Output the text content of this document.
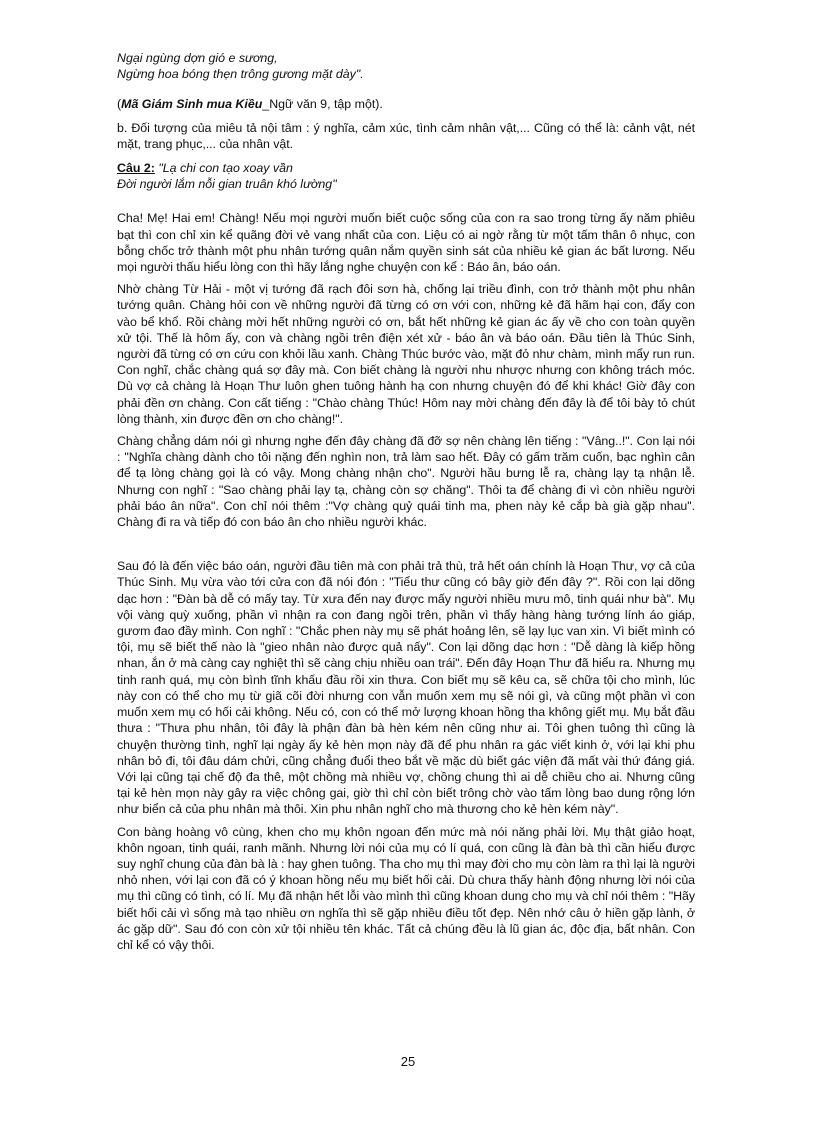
Ngại ngùng dợn gió e sương,

Ngừng hoa bóng thẹn trông gương mặt dày".

(Mã Giám Sinh mua Kiều_Ngữ văn 9, tập một).

b. Đối tượng của miêu tả nội tâm : ý nghĩa, cảm xúc, tình cảm nhân vật,... Cũng có thể là: cảnh vật, nét mặt, trang phục,... của nhân vật.

Câu 2: "Lạ chi con tạo xoay vần
Đời người lắm nỗi gian truân khó lường"

Cha! Mẹ! Hai em! Chàng! Nếu mọi người muốn biết cuộc sống của con ra sao trong từng ấy năm phiêu bạt thì con chỉ xin kể quãng đời vẻ vang nhất của con. Liệu có ai ngờ rằng từ một tấm thân ô nhục, con bỗng chốc trở thành một phu nhân tướng quân nắm quyền sinh sát của nhiều kẻ gian ác bất lương. Nếu mọi người thấu hiểu lòng con thì hãy lắng nghe chuyện con kể : Báo ân, báo oán.

Nhờ chàng Từ Hải - một vị tướng đã rạch đôi sơn hà, chống lại triều đình, con trở thành một phu nhân tướng quân. Chàng hỏi con về những người đã từng có ơn với con, những kẻ đã hãm hại con, đẩy con vào bể khổ. Rồi chàng mời hết những người có ơn, bắt hết những kẻ gian ác ấy về cho con toàn quyền xử tội. Thế là hôm ấy, con và chàng ngồi trên điện xét xử - báo ân và báo oán. Đầu tiên là Thúc Sinh, người đã từng có ơn cứu con khỏi lầu xanh. Chàng Thúc bước vào, mặt đỏ như chàm, mình mẩy run run. Con nghĩ, chắc chàng quá sợ đây mà. Con biết chàng là người nhu nhược nhưng con không trách móc. Dù vợ cả chàng là Hoạn Thư luôn ghen tuông hành hạ con nhưng chuyện đó để khi khác! Giờ đây con phải đền ơn chàng. Con cất tiếng : "Chào chàng Thúc! Hôm nay mời chàng đến đây là để tôi bày tỏ chút lòng thành, xin được đền ơn cho chàng!".

Chàng chẳng dám nói gì nhưng nghe đến đây chàng đã đỡ sợ nên chàng lên tiếng : "Vâng..!". Con lại nói : "Nghĩa chàng dành cho tôi nặng đến nghìn non, trả làm sao hết. Đây có gấm trăm cuốn, bạc nghìn cân để tạ lòng chàng gọi là có vậy. Mong chàng nhận cho". Người hầu bưng lễ ra, chàng lạy tạ nhận lễ. Nhưng con nghĩ : "Sao chàng phải lạy tạ, chàng còn sợ chăng". Thôi ta để chàng đi vì còn nhiều người phải báo ân nữa". Con chỉ nói thêm :"Vợ chàng quỷ quái tinh ma, phen này kẻ cắp bà già gặp nhau". Chàng đi ra và tiếp đó con báo ân cho nhiều người khác.

Sau đó là đến việc báo oán, người đầu tiên mà con phải trả thù, trả hết oán chính là Hoạn Thư, vợ cả của Thúc Sinh. Mụ vừa vào tới cửa con đã nói đón : "Tiểu thư cũng có bây giờ đến đây ?". Rồi con lại dõng dạc hơn : "Đàn bà dễ có mấy tay. Từ xưa đến nay được mấy người nhiều mưu mô, tinh quái như bà". Mụ vội vàng quỳ xuống, phần vì nhận ra con đang ngồi trên, phần vì thấy hàng hàng tướng lính áo giáp, gươm đao đầy mình. Con nghĩ : "Chắc phen này mụ sẽ phát hoảng lên, sẽ lạy lục van xin. Vì biết mình có tội, mụ sẽ biết thế nào là "gieo nhân nào được quả nấy". Con lại dõng dạc hơn : "Dễ dàng là kiếp hồng nhan, ắn ở mà càng cay nghiệt thì sẽ càng chịu nhiều oan trái". Đến đây Hoạn Thư đã hiểu ra. Nhưng mụ tinh ranh quá, mụ còn bình tĩnh khấu đầu rồi xin thưa. Con biết mụ sẽ kêu ca, sẽ chữa tội cho mình, lúc này con có thể cho mụ từ giã cõi đời nhưng con vẫn muốn xem mụ sẽ nói gì, và cũng một phần vì con muốn xem mụ có hối cải không. Nếu có, con có thể mở lượng khoan hồng tha không giết mụ. Mụ bắt đầu thưa : "Thưa phu nhân, tôi đây là phận đàn bà hèn kém nên cũng như ai. Tôi ghen tuông thì cũng là chuyện thường tình, nghĩ lại ngày ấy kẻ hèn mọn này đã để phu nhân ra gác viết kinh ở, với lại khi phu nhân bỏ đi, tôi đâu dám chửi, cũng chẳng đuổi theo bắt về mặc dù biết gác viện đã mất vài thứ đáng giá. Với lại cũng tại chế độ đa thê, một chồng mà nhiều vợ, chồng chung thì ai dễ chiều cho ai. Nhưng cũng tại kẻ hèn mọn này gây ra việc chông gai, giờ thì chỉ còn biết trông chờ vào tấm lòng bao dung rộng lớn như biển cả của phu nhân mà thôi. Xin phu nhân nghĩ cho mà thương cho kẻ hèn kém này".

Con bàng hoàng vô cùng, khen cho mụ khôn ngoan đến mức mà nói năng phải lời. Mụ thật giảo hoạt, khôn ngoan, tinh quái, ranh mãnh. Nhưng lời nói của mụ có lí quá, con cũng là đàn bà thì cần hiểu được suy nghĩ chung của đàn bà là : hay ghen tuông. Tha cho mụ thì may đời cho mụ còn làm ra thì lại là người nhỏ nhen, với lại con đã có ý khoan hồng nếu mụ biết hối cải. Dù chưa thấy hành động nhưng lời nói của mụ thì cũng có tình, có lí. Mụ đã nhận hết lỗi vào mình thì cũng khoan dung cho mụ và chỉ nói thêm : "Hãy biết hối cải vì sống mà tạo nhiều ơn nghĩa thì sẽ gặp nhiều điều tốt đẹp. Nên nhớ câu ở hiền gặp lành, ở ác gặp dữ". Sau đó con còn xử tội nhiều tên khác. Tất cả chúng đều là lũ gian ác, độc địa, bất nhân. Con chỉ kể có vậy thôi.

25
